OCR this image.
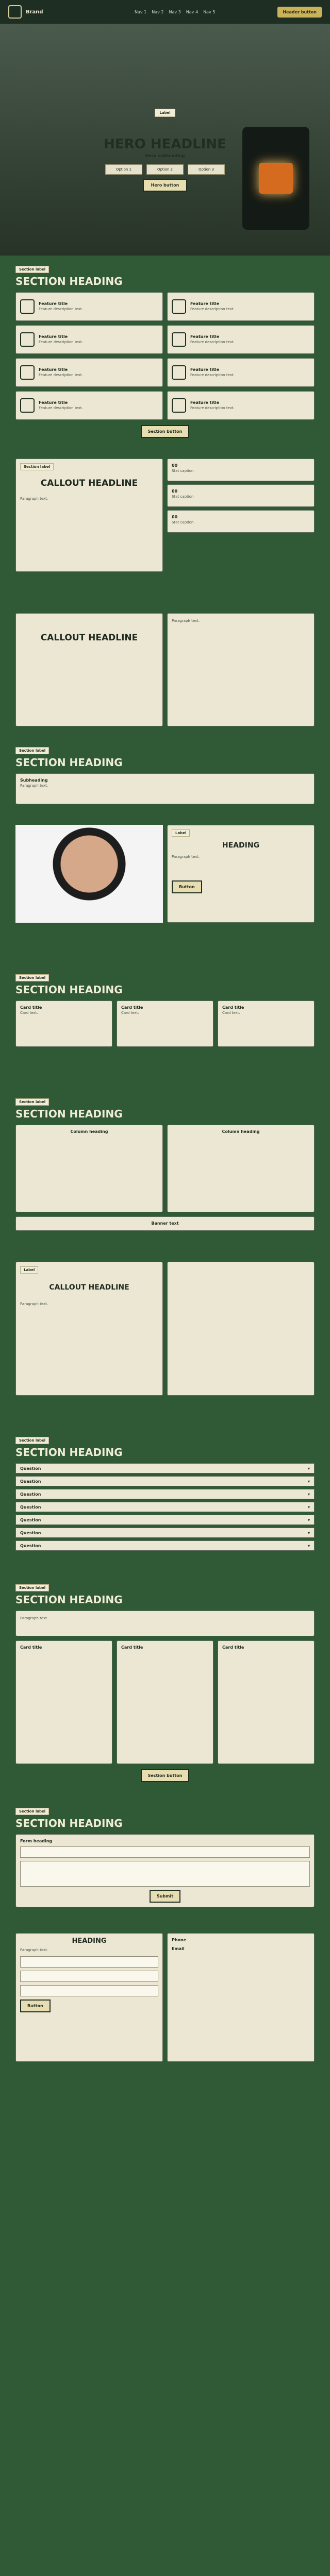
Brand	Nav 1 Nav 2 Nav 3 Nav 4 Nav 5	Header button
Label
HERO HEADLINE
Hero subheading
Option 1	Option 2	Option 3
Hero button
Section label
SECTION HEADING
Feature title
Feature description text.
Feature title
Feature description text.
Feature title
Feature description text.
Feature title
Feature description text.
Feature title
Feature description text.
Feature title
Feature description text.
Feature title
Feature description text.
Feature title
Feature description text.
Section button
Section label
CALLOUT HEADLINE
Paragraph text.
00
Stat caption
00
Stat caption
00
Stat caption
CALLOUT HEADLINE
Paragraph text.
Section label
SECTION HEADING
Subheading
Paragraph text.
Label
HEADING
Paragraph text.
Button
Section label
SECTION HEADING
Card title
Card text.
Card title
Card text.
Card title
Card text.
Section label
SECTION HEADING
Column heading	Column heading
Banner text
Label
CALLOUT HEADLINE
Paragraph text.
Section label
SECTION HEADING
Question	▾
Question	▾
Question	▾
Question	▾
Question	▾
Question	▾
Question	▾
Section label
SECTION HEADING
Paragraph text.
Card title	Card title	Card title
Section button
Section label
SECTION HEADING
Form heading
Submit
HEADING
Paragraph text.
Button
Phone
Email
